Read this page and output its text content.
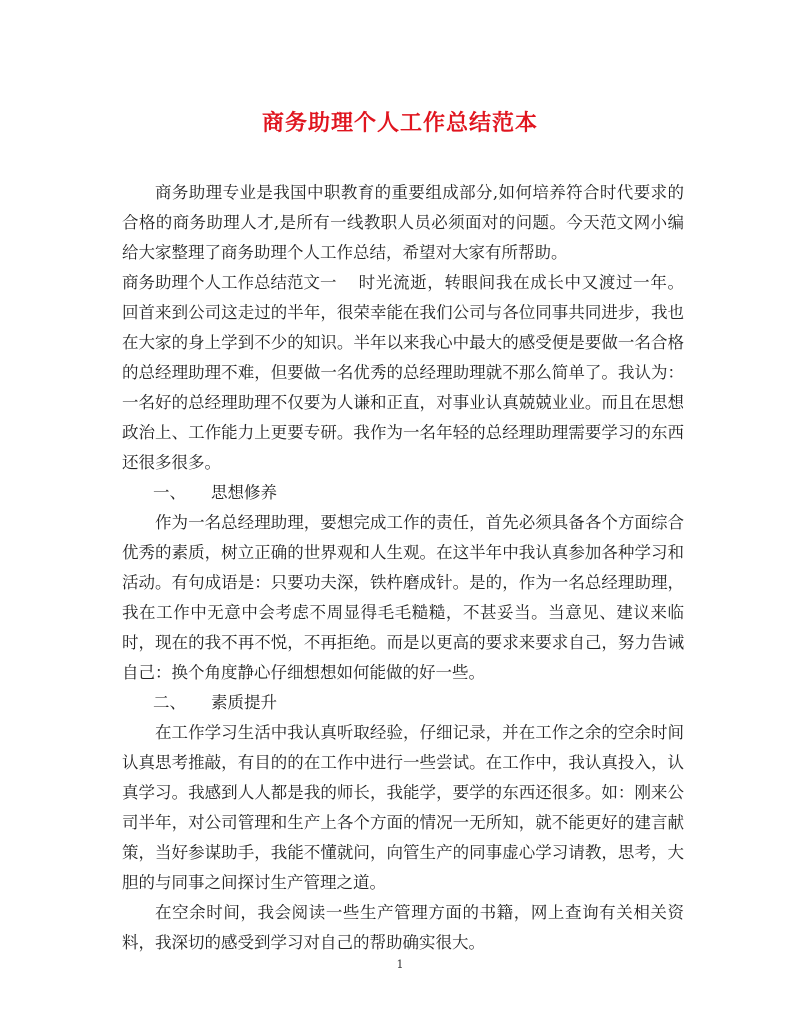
商务助理个人工作总结范本

商务助理专业是我国中职教育的重要组成部分,如何培养符合时代要求的合格的商务助理人才,是所有一线教职人员必须面对的问题。今天范文网小编给大家整理了商务助理个人工作总结，希望对大家有所帮助。

商务助理个人工作总结范文一 时光流逝，转眼间我在成长中又渡过一年。回首来到公司这走过的半年，很荣幸能在我们公司与各位同事共同进步，我也在大家的身上学到不少的知识。半年以来我心中最大的感受便是要做一名合格的总经理助理不难，但要做一名优秀的总经理助理就不那么简单了。我认为：一名好的总经理助理不仅要为人谦和正直，对事业认真兢兢业业。而且在思想政治上、工作能力上更要专研。我作为一名年轻的总经理助理需要学习的东西还很多很多。

一、 思想修养

作为一名总经理助理，要想完成工作的责任，首先必须具备各个方面综合优秀的素质，树立正确的世界观和人生观。在这半年中我认真参加各种学习和活动。有句成语是：只要功夫深，铁杵磨成针。是的，作为一名总经理助理，我在工作中无意中会考虑不周显得毛毛糙糙，不甚妥当。当意见、建议来临时，现在的我不再不悦，不再拒绝。而是以更高的要求来要求自己，努力告诫自己：换个角度静心仔细想想如何能做的好一些。

二、 素质提升

在工作学习生活中我认真听取经验，仔细记录，并在工作之余的空余时间认真思考推敲，有目的的在工作中进行一些尝试。在工作中，我认真投入，认真学习。我感到人人都是我的师长，我能学，要学的东西还很多。如：刚来公司半年，对公司管理和生产上各个方面的情况一无所知，就不能更好的建言献策，当好参谋助手，我能不懂就问，向管生产的同事虚心学习请教，思考，大胆的与同事之间探讨生产管理之道。

在空余时间，我会阅读一些生产管理方面的书籍，网上查询有关相关资料，我深切的感受到学习对自己的帮助确实很大。

1
